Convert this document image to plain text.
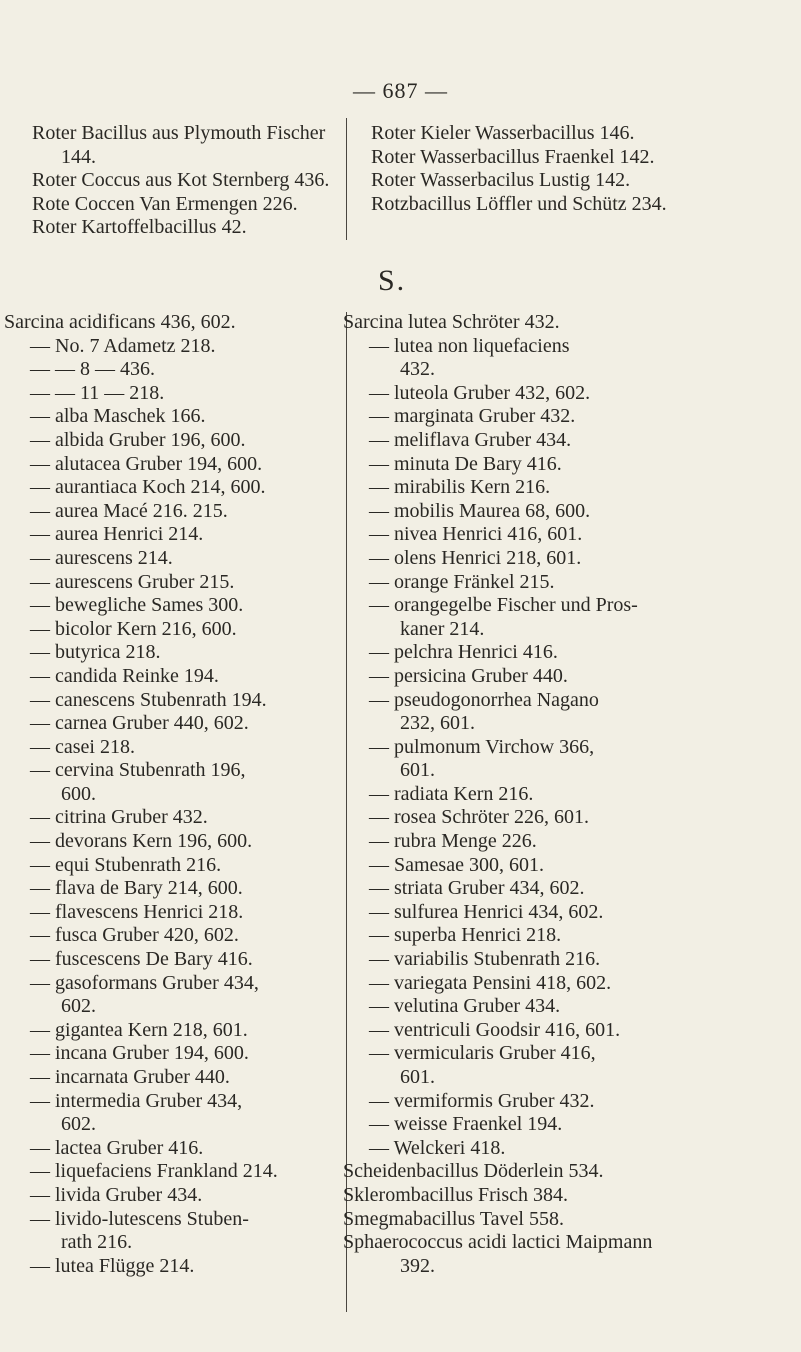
— 687 —
Roter Bacillus aus Plymouth Fischer
144.
Roter Coccus aus Kot Sternberg 436.
Rote Coccen Van Ermengen 226.
Roter Kartoffelbacillus 42.
Roter Kieler Wasserbacillus 146.
Roter Wasserbacillus Fraenkel 142.
Roter Wasserbacilus Lustig 142.
Rotzbacillus Löffler und Schütz 234.
S.
Sarcina acidificans 436, 602.
— No. 7 Adametz 218.
— — 8 — 436.
— — 11 — 218.
— alba Maschek 166.
— albida Gruber 196, 600.
— alutacea Gruber 194, 600.
— aurantiaca Koch 214, 600.
— aurea Macé 216. 215.
— aurea Henrici 214.
— aurescens 214.
— aurescens Gruber 215.
— bewegliche Sames 300.
— bicolor Kern 216, 600.
— butyrica 218.
— candida Reinke 194.
— canescens Stubenrath 194.
— carnea Gruber 440, 602.
— casei 218.
— cervina Stubenrath 196,
600.
— citrina Gruber 432.
— devorans Kern 196, 600.
— equi Stubenrath 216.
— flava de Bary 214, 600.
— flavescens Henrici 218.
— fusca Gruber 420, 602.
— fuscescens De Bary 416.
— gasoformans Gruber 434,
602.
— gigantea Kern 218, 601.
— incana Gruber 194, 600.
— incarnata Gruber 440.
— intermedia Gruber 434,
602.
— lactea Gruber 416.
— liquefaciens Frankland 214.
— livida Gruber 434.
— livido-lutescens Stuben-
rath 216.
— lutea Flügge 214.
Sarcina lutea Schröter 432.
— lutea non liquefaciens
432.
— luteola Gruber 432, 602.
— marginata Gruber 432.
— meliflava Gruber 434.
— minuta De Bary 416.
— mirabilis Kern 216.
— mobilis Maurea 68, 600.
— nivea Henrici 416, 601.
— olens Henrici 218, 601.
— orange Fränkel 215.
— orangegelbe Fischer und Pros-
kaner 214.
— pelchra Henrici 416.
— persicina Gruber 440.
— pseudogonorrhea Nagano
232, 601.
— pulmonum Virchow 366,
601.
— radiata Kern 216.
— rosea Schröter 226, 601.
— rubra Menge 226.
— Samesae 300, 601.
— striata Gruber 434, 602.
— sulfurea Henrici 434, 602.
— superba Henrici 218.
— variabilis Stubenrath 216.
— variegata Pensini 418, 602.
— velutina Gruber 434.
— ventriculi Goodsir 416, 601.
— vermicularis Gruber 416,
601.
— vermiformis Gruber 432.
— weisse Fraenkel 194.
— Welckeri 418.
Scheidenbacillus Döderlein 534.
Sklerombacillus Frisch 384.
Smegmabacillus Tavel 558.
Sphaerococcus acidi lactici Maipmann
392.
